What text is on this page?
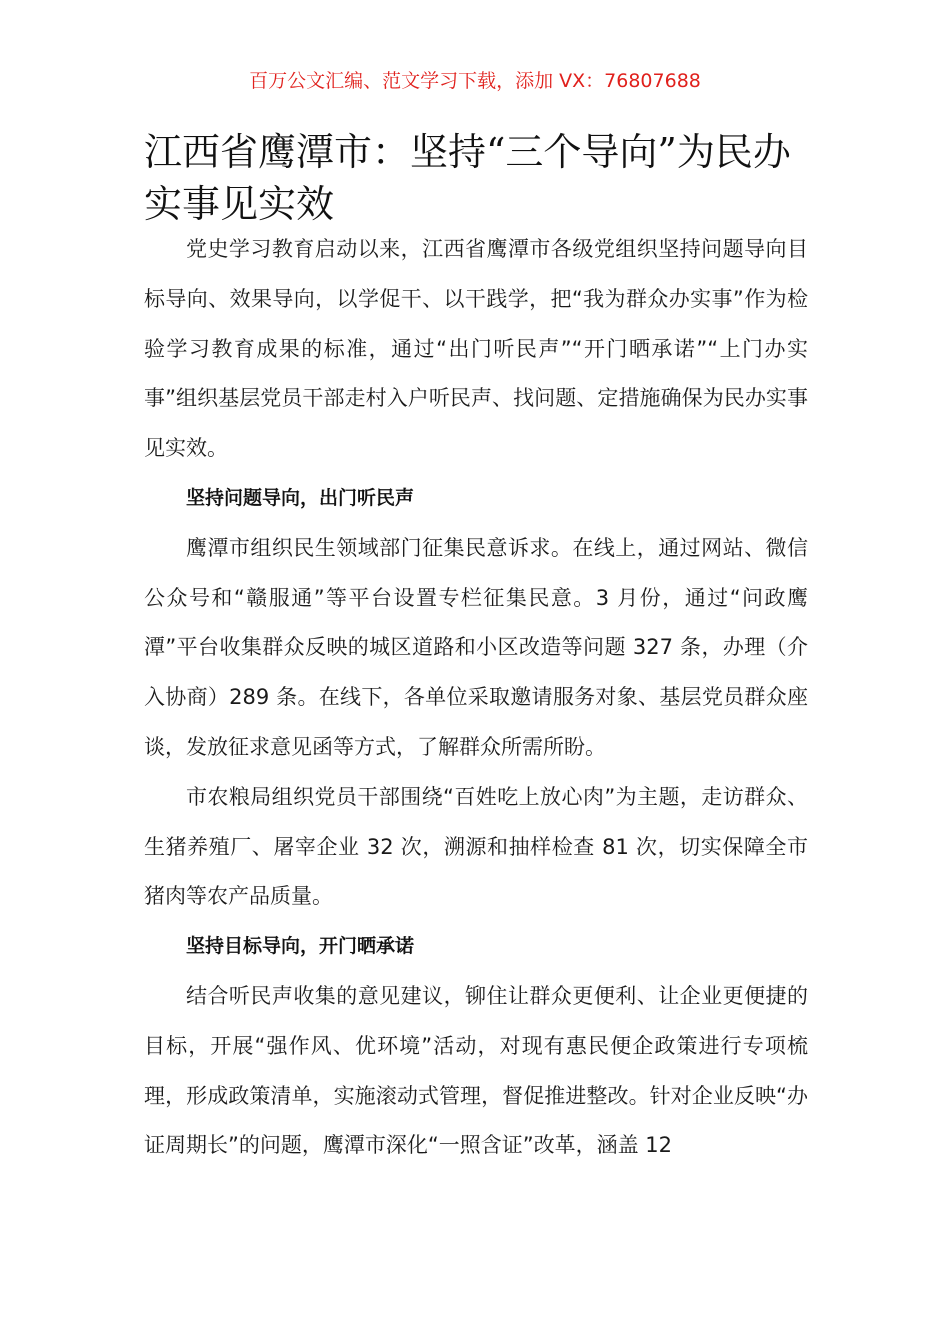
百万公文汇编、范文学习下载，添加 VX：76807688
江西省鹰潭市：坚持“三个导向”为民办实事见实效

党史学习教育启动以来，江西省鹰潭市各级党组织坚持问题导向目标导向、效果导向，以学促干、以干践学，把“我为群众办实事”作为检验学习教育成果的标准，通过“出门听民声”“开门晒承诺”“上门办实事”组织基层党员干部走村入户听民声、找问题、定措施确保为民办实事见实效。

坚持问题导向，出门听民声

鹰潭市组织民生领域部门征集民意诉求。在线上，通过网站、微信公众号和“赣服通”等平台设置专栏征集民意。3 月份，通过“问政鹰潭”平台收集群众反映的城区道路和小区改造等问题 327 条，办理（介入协商）289 条。在线下，各单位采取邀请服务对象、基层党员群众座谈，发放征求意见函等方式，了解群众所需所盼。

市农粮局组织党员干部围绕“百姓吃上放心肉”为主题，走访群众、生猪养殖厂、屠宰企业 32 次，溯源和抽样检查 81 次，切实保障全市猪肉等农产品质量。

坚持目标导向，开门晒承诺

结合听民声收集的意见建议，铆住让群众更便利、让企业更便捷的目标，开展“强作风、优环境”活动，对现有惠民便企政策进行专项梳理，形成政策清单，实施滚动式管理，督促推进整改。针对企业反映“办证周期长”的问题，鹰潭市深化“一照含证”改革，涵盖 12
